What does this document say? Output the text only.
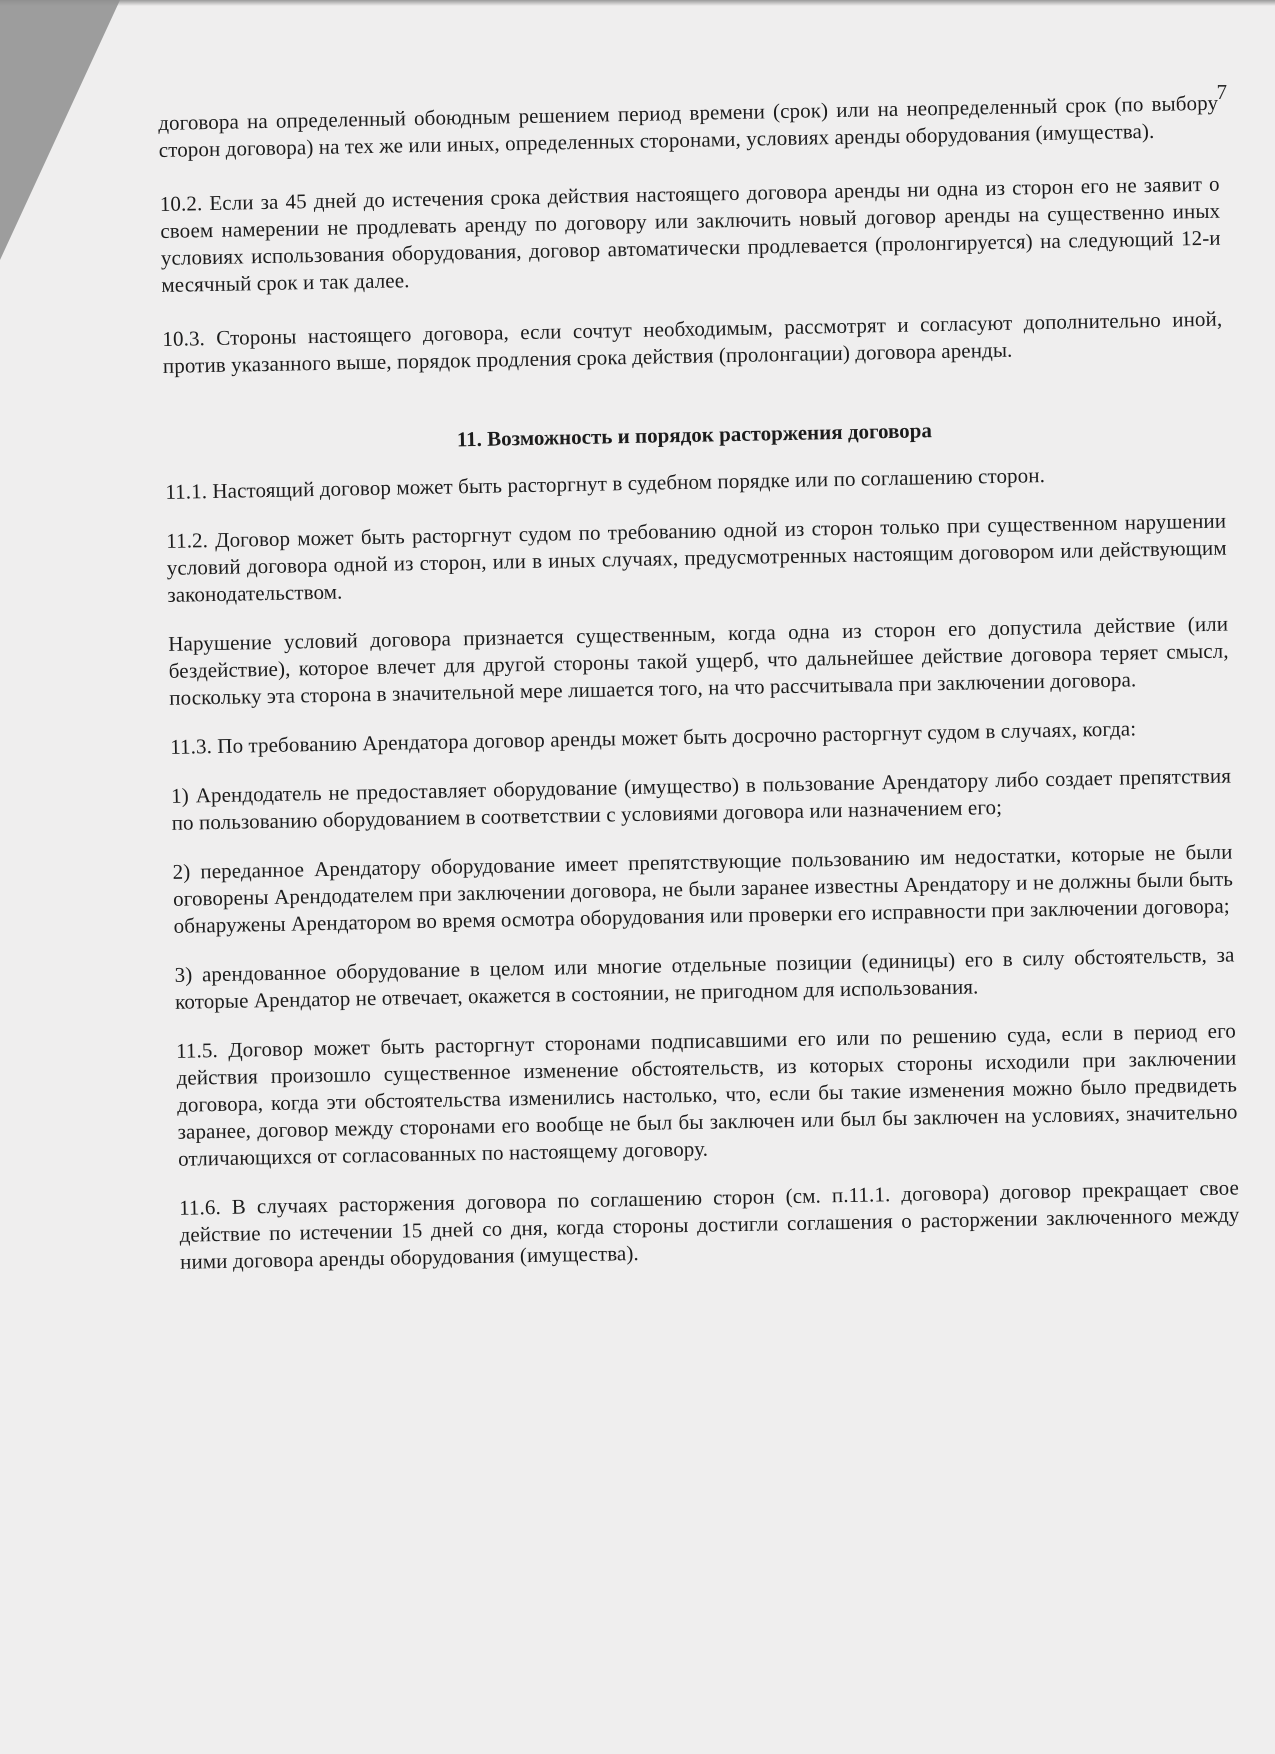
7

договора на определенный обоюдным решением период времени (срок) или на неопределенный срок (по выбору сторон договора) на тех же или иных, определенных сторонами, условиях аренды оборудования (имущества).

10.2. Если за 45 дней до истечения срока действия настоящего договора аренды ни одна из сторон его не заявит о своем намерении не продлевать аренду по договору или заключить новый договор аренды на существенно иных условиях использования оборудования, договор автоматически продлевается (пролонгируется) на следующий 12-и месячный срок и так далее.

10.3. Стороны настоящего договора, если сочтут необходимым, рассмотрят и согласуют дополнительно иной, против указанного выше, порядок продления срока действия (пролонгации) договора аренды.

11. Возможность и порядок расторжения договора

11.1. Настоящий договор может быть расторгнут в судебном порядке или по соглашению сторон.

11.2. Договор может быть расторгнут судом по требованию одной из сторон только при существенном нарушении условий договора одной из сторон, или в иных случаях, предусмотренных настоящим договором или действующим законодательством.

Нарушение условий договора признается существенным, когда одна из сторон его допустила действие (или бездействие), которое влечет для другой стороны такой ущерб, что дальнейшее действие договора теряет смысл, поскольку эта сторона в значительной мере лишается того, на что рассчитывала при заключении договора.

11.3. По требованию Арендатора договор аренды может быть досрочно расторгнут судом в случаях, когда:

1) Арендодатель не предоставляет оборудование (имущество) в пользование Арендатору либо создает препятствия по пользованию оборудованием в соответствии с условиями договора или назначением его;

2) переданное Арендатору оборудование имеет препятствующие пользованию им недостатки, которые не были оговорены Арендодателем при заключении договора, не были заранее известны Арендатору и не должны были быть обнаружены Арендатором во время осмотра оборудования или проверки его исправности при заключении договора;

3) арендованное оборудование в целом или многие отдельные позиции (единицы) его в силу обстоятельств, за которые Арендатор не отвечает, окажется в состоянии, не пригодном для использования.

11.5. Договор может быть расторгнут сторонами подписавшими его или по решению суда, если в период его действия произошло существенное изменение обстоятельств, из которых стороны исходили при заключении договора, когда эти обстоятельства изменились настолько, что, если бы такие изменения можно было предвидеть заранее, договор между сторонами его вообще не был бы заключен или был бы заключен на условиях, значительно отличающихся от согласованных по настоящему договору.

11.6. В случаях расторжения договора по соглашению сторон (см. п.11.1. договора) договор прекращает свое действие по истечении 15 дней со дня, когда стороны достигли соглашения о расторжении заключенного между ними договора аренды оборудования (имущества).
